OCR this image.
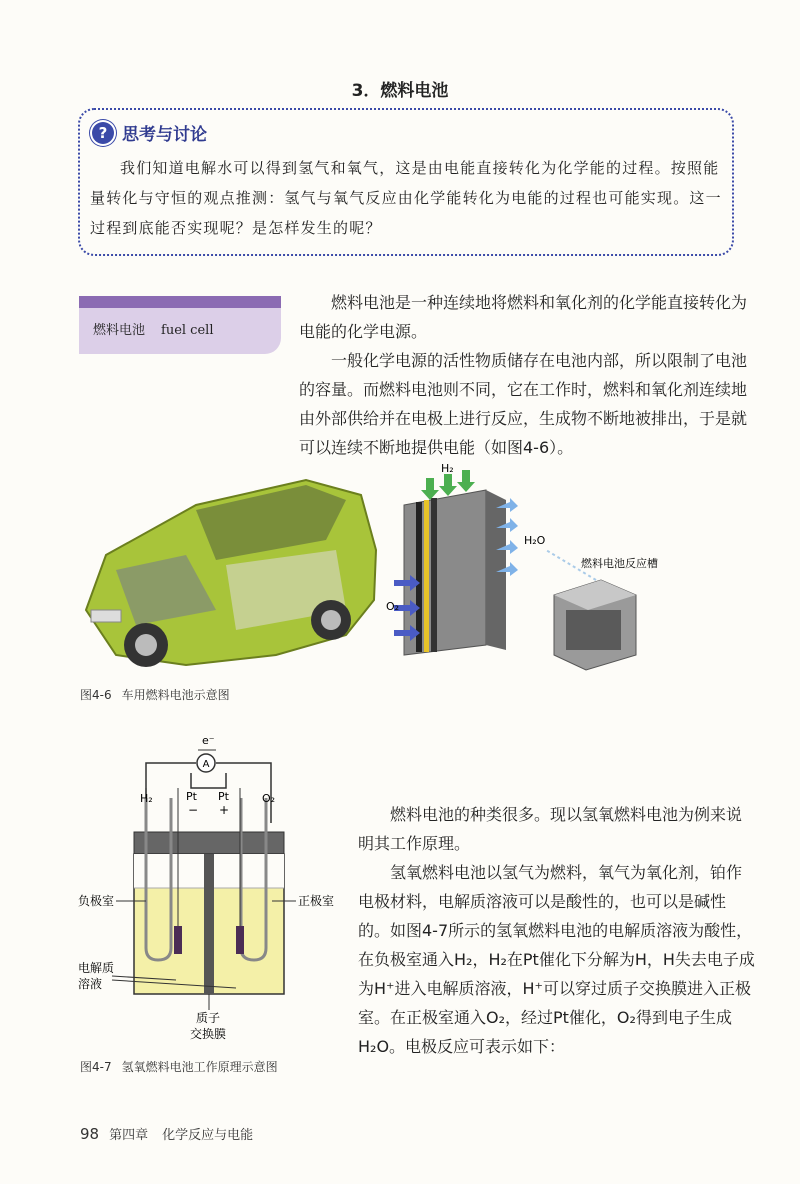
3．燃料电池
? 思考与讨论
我们知道电解水可以得到氢气和氧气，这是由电能直接转化为化学能的过程。按照能量转化与守恒的观点推测：氢气与氧气反应由化学能转化为电能的过程也可能实现。这一过程到底能否实现呢？是怎样发生的呢？
燃料电池 fuel cell

燃料电池是一种连续地将燃料和氧化剂的化学能直接转化为电能的化学电源。

一般化学电源的活性物质储存在电池内部，所以限制了电池的容量。而燃料电池则不同，它在工作时，燃料和氧化剂连续地由外部供给并在电极上进行反应，生成物不断地被排出，于是就可以连续不断地提供电能（如图4-6）。

H₂
H₂O
O₂
燃料电池反应槽
图4-6 车用燃料电池示意图
A
e⁻
H₂	Pt
−
Pt
+
O₂
负极室	正极室
电解质
溶液
质子
交换膜
图4-7 氢氧燃料电池工作原理示意图

燃料电池的种类很多。现以氢氧燃料电池为例来说明其工作原理。

氢氧燃料电池以氢气为燃料，氧气为氧化剂，铂作电极材料，电解质溶液可以是酸性的，也可以是碱性的。如图4-7所示的氢氧燃料电池的电解质溶液为酸性，在负极室通入H₂，H₂在Pt催化下分解为H，H失去电子成为H⁺进入电解质溶液，H⁺可以穿过质子交换膜进入正极室。在正极室通入O₂，经过Pt催化，O₂得到电子生成H₂O。电极反应可表示如下：

98 第四章 化学反应与电能
